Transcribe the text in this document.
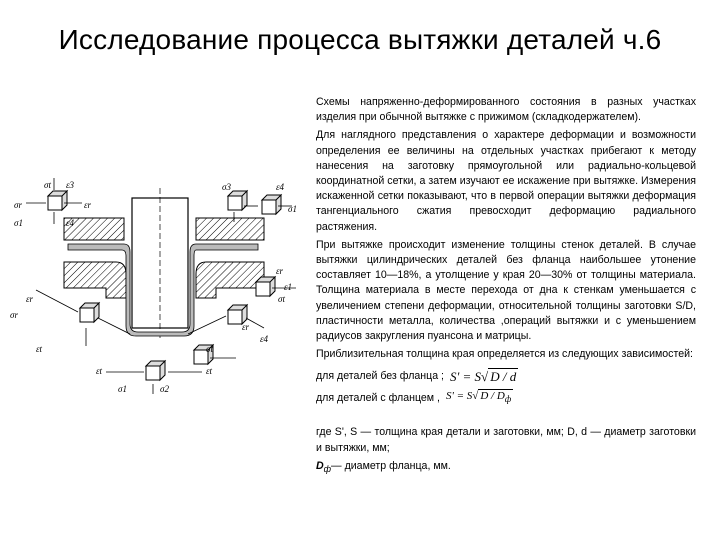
Исследование процесса вытяжки деталей ч.6
σt ε3
σr	εr
σ1	ε4
σ3	ε4
σ1
σr
εr
εt
εt
σ1	σ2
εt
σt
εr
ε1
σt
ε4
εr

Схемы напряженно-деформированного состояния в разных участках изделия при обычной вытяжке с прижимом (складкодержателем).

Для наглядного представления о характере деформации и возможности определения ее величины на отдельных участках прибегают к методу нанесения на заготовку прямоугольной или радиально-кольцевой координатной сетки, а затем изучают ее искажение при вытяжке. Измерения искаженной сетки показывают, что в первой операции вытяжки деформация тангенциального сжатия превосходит деформацию радиального растяжения.

При вытяжке происходит изменение толщины стенок деталей. В случае вытяжки цилиндрических деталей без фланца наибольшее утонение составляет 10—18%, а утолщение у края 20—30% от толщины материала. Толщина материала в месте перехода от дна к стенкам уменьшается с увеличением степени деформации, относительной толщины заготовки S/D, пластичности металла, количества ,операций вытяжки и с уменьшением радиусов закругления пуансона и матрицы.

Приблизительная толщина края определяется из следующих зависимостей:

для деталей без фланца ; S' = S√ D / d
для деталей с фланцем , S' = S√ D / $D_ф$

где S', S — толщина края детали и заготовки, мм; D, d — диаметр заготовки и вытяжки, мм;

$D_ф—$ диаметр фланца, мм.
